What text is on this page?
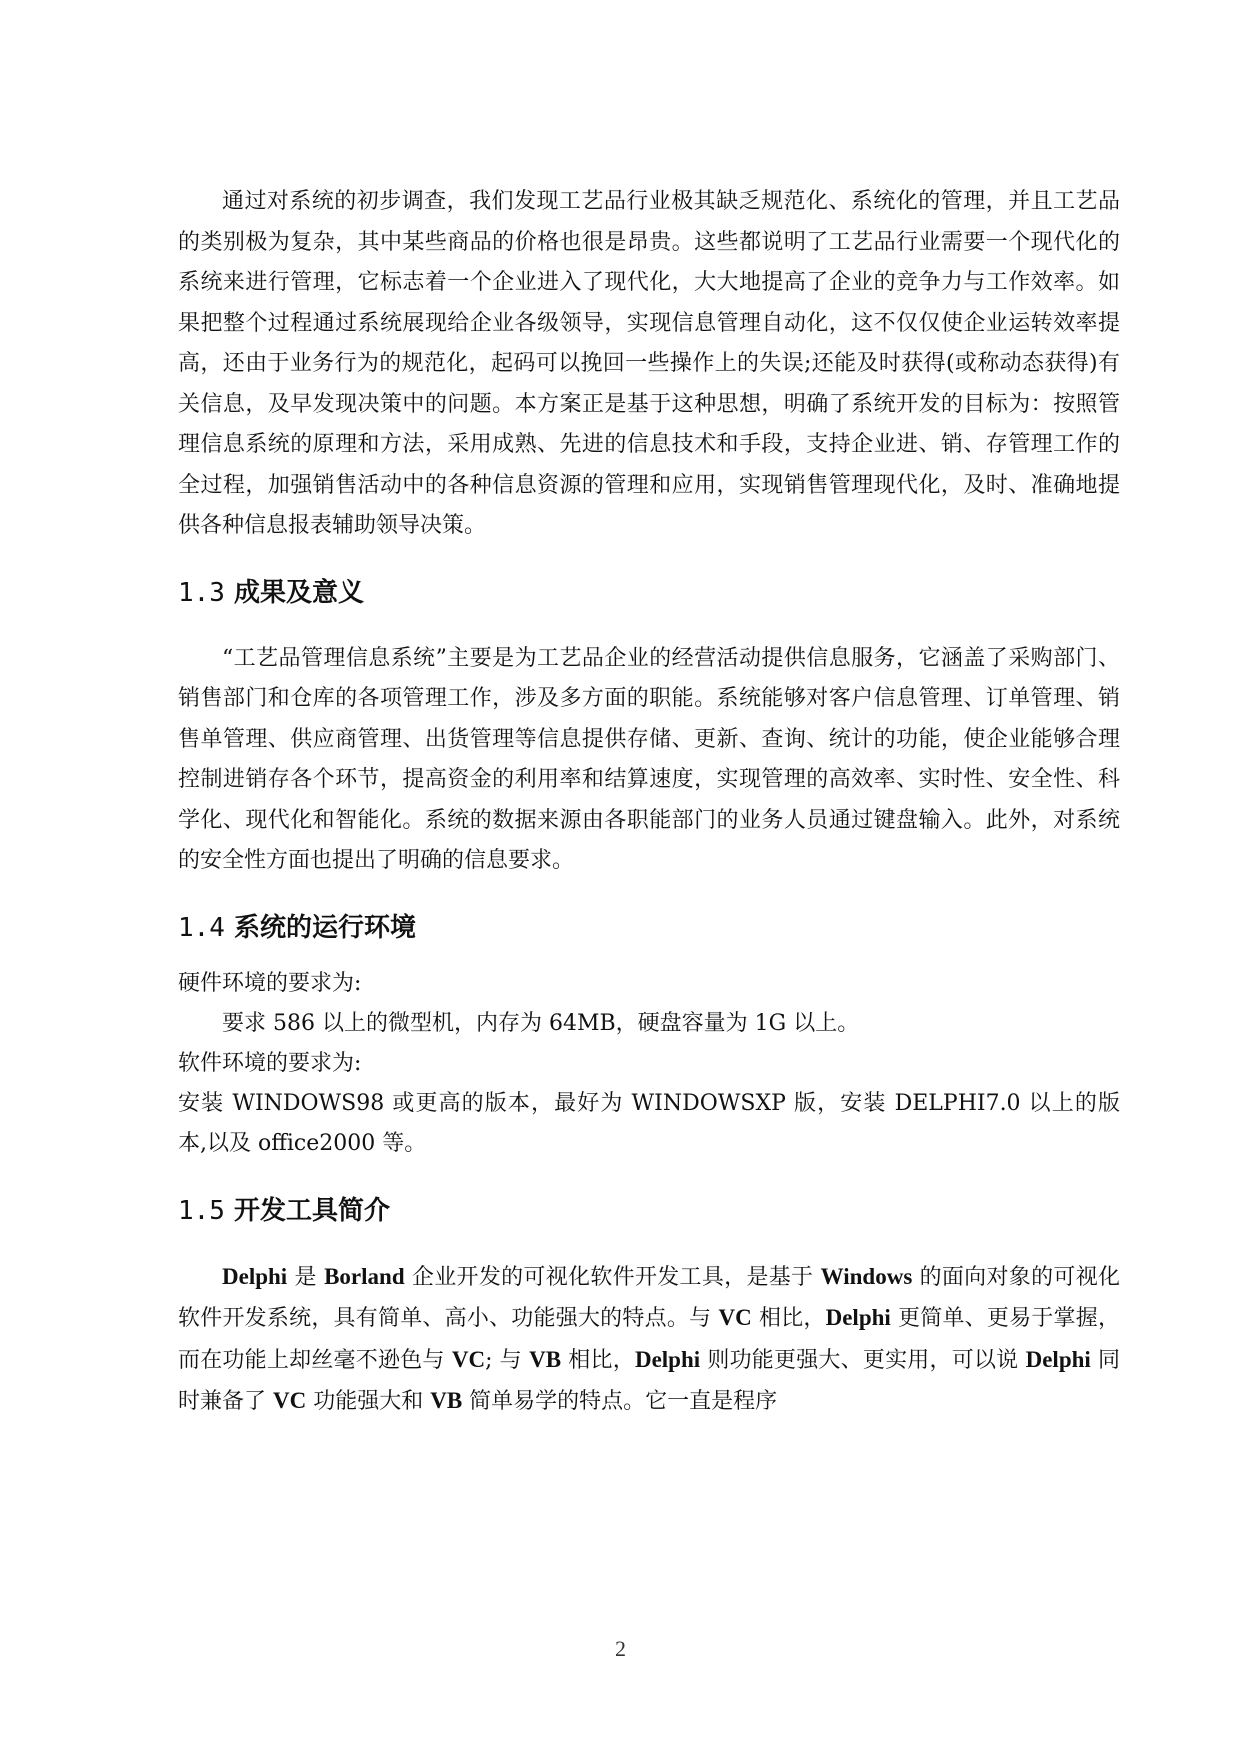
通过对系统的初步调查，我们发现工艺品行业极其缺乏规范化、系统化的管理，并且工艺品的类别极为复杂，其中某些商品的价格也很是昂贵。这些都说明了工艺品行业需要一个现代化的系统来进行管理，它标志着一个企业进入了现代化，大大地提高了企业的竞争力与工作效率。如果把整个过程通过系统展现给企业各级领导，实现信息管理自动化，这不仅仅使企业运转效率提高，还由于业务行为的规范化，起码可以挽回一些操作上的失误;还能及时获得(或称动态获得)有关信息，及早发现决策中的问题。本方案正是基于这种思想，明确了系统开发的目标为：按照管理信息系统的原理和方法，采用成熟、先进的信息技术和手段，支持企业进、销、存管理工作的全过程，加强销售活动中的各种信息资源的管理和应用，实现销售管理现代化，及时、准确地提供各种信息报表辅助领导决策。

1.3 成果及意义

“工艺品管理信息系统”主要是为工艺品企业的经营活动提供信息服务，它涵盖了采购部门、销售部门和仓库的各项管理工作，涉及多方面的职能。系统能够对客户信息管理、订单管理、销售单管理、供应商管理、出货管理等信息提供存储、更新、查询、统计的功能，使企业能够合理控制进销存各个环节，提高资金的利用率和结算速度，实现管理的高效率、实时性、安全性、科学化、现代化和智能化。系统的数据来源由各职能部门的业务人员通过键盘输入。此外，对系统的安全性方面也提出了明确的信息要求。

1.4 系统的运行环境

硬件环境的要求为:

要求 586 以上的微型机，内存为 64MB，硬盘容量为 1G 以上。

软件环境的要求为:

安装 WINDOWS98 或更高的版本，最好为 WINDOWSXP 版，安装 DELPHI7.0 以上的版本,以及 office2000 等。

1.5 开发工具简介

Delphi 是 Borland 企业开发的可视化软件开发工具，是基于 Windows 的面向对象的可视化软件开发系统，具有简单、高小、功能强大的特点。与 VC 相比，Delphi 更简单、更易于掌握，而在功能上却丝毫不逊色与 VC; 与 VB 相比，Delphi 则功能更强大、更实用，可以说 Delphi 同时兼备了 VC 功能强大和 VB 简单易学的特点。它一直是程序

2
